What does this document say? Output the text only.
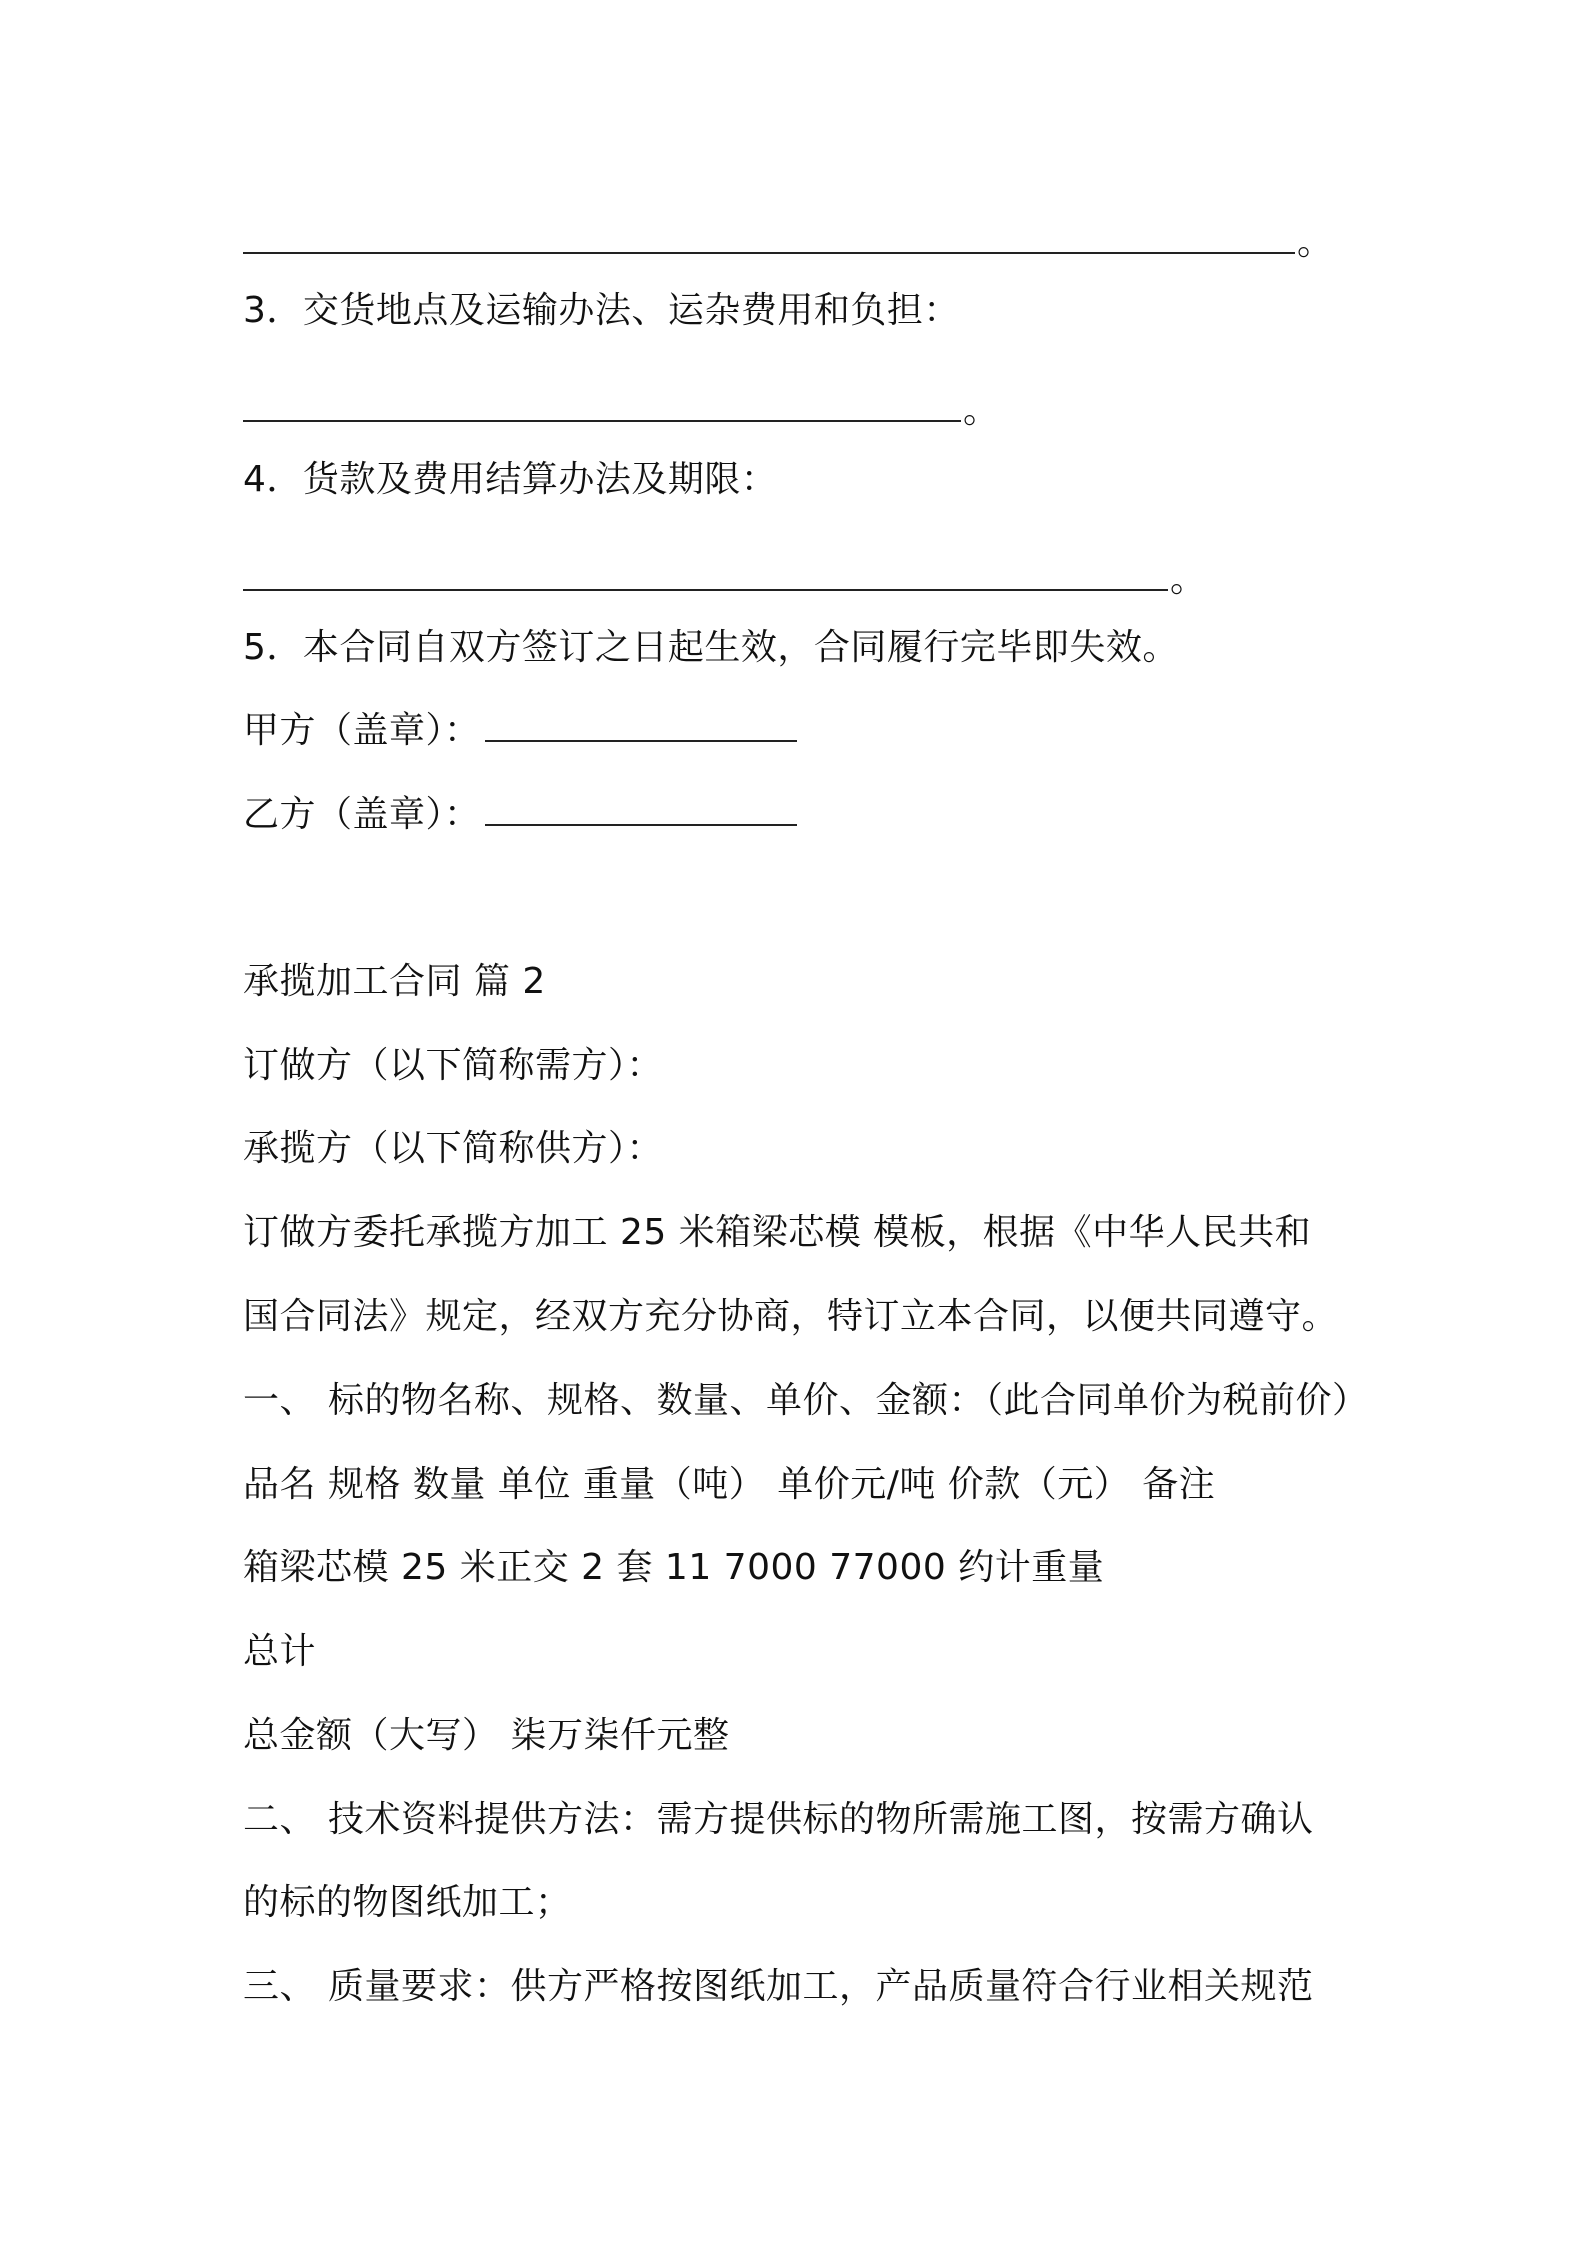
。
3．交货地点及运输办法、运杂费用和负担：
。
4．货款及费用结算办法及期限：
。
5．本合同自双方签订之日起生效，合同履行完毕即失效。
甲方（盖章）：
乙方（盖章）：
承揽加工合同 篇 2
订做方（以下简称需方）：
承揽方（以下简称供方）：
订做方委托承揽方加工 25 米箱梁芯模 模板，根据《中华人民共和
国合同法》规定，经双方充分协商，特订立本合同，以便共同遵守。
一、 标的物名称、规格、数量、单价、金额：（此合同单价为税前价）
品名 规格 数量 单位 重量（吨） 单价元/吨 价款（元） 备注
箱梁芯模 25 米正交 2 套 11 7000 77000 约计重量
总计
总金额（大写） 柒万柒仟元整
二、 技术资料提供方法：需方提供标的物所需施工图，按需方确认
的标的物图纸加工；
三、 质量要求：供方严格按图纸加工，产品质量符合行业相关规范
